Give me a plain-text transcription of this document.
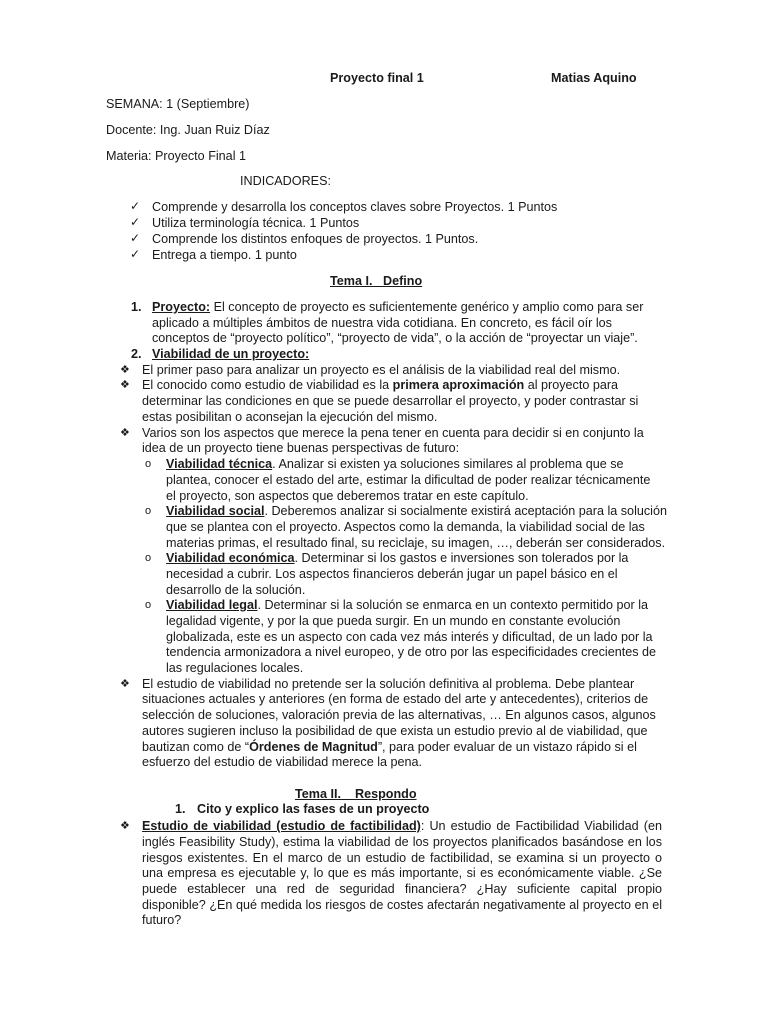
Proyecto final 1	Matias Aquino
SEMANA: 1 (Septiembre)
Docente: Ing. Juan Ruiz Díaz
Materia: Proyecto Final 1
INDICADORES:
✓ Comprende y desarrolla los conceptos claves sobre Proyectos. 1 Puntos
✓ Utiliza terminología técnica. 1 Puntos
✓ Comprende los distintos enfoques de proyectos. 1 Puntos.
✓ Entrega a tiempo. 1 punto
Tema I. Defino
1. Proyecto: El concepto de proyecto es suficientemente genérico y amplio como para ser
aplicado a múltiples ámbitos de nuestra vida cotidiana. En concreto, es fácil oír los
conceptos de “proyecto político”, “proyecto de vida”, o la acción de “proyectar un viaje”.
2. Viabilidad de un proyecto:
❖ El primer paso para analizar un proyecto es el análisis de la viabilidad real del mismo.
❖ El conocido como estudio de viabilidad es la primera aproximación al proyecto para
determinar las condiciones en que se puede desarrollar el proyecto, y poder contrastar si
estas posibilitan o aconsejan la ejecución del mismo.
❖ Varios son los aspectos que merece la pena tener en cuenta para decidir si en conjunto la
idea de un proyecto tiene buenas perspectivas de futuro:
o Viabilidad técnica. Analizar si existen ya soluciones similares al problema que se
plantea, conocer el estado del arte, estimar la dificultad de poder realizar técnicamente
el proyecto, son aspectos que deberemos tratar en este capítulo.
o Viabilidad social. Deberemos analizar si socialmente existirá aceptación para la solución
que se plantea con el proyecto. Aspectos como la demanda, la viabilidad social de las
materias primas, el resultado final, su reciclaje, su imagen, …, deberán ser considerados.
o Viabilidad económica. Determinar si los gastos e inversiones son tolerados por la
necesidad a cubrir. Los aspectos financieros deberán jugar un papel básico en el
desarrollo de la solución.
o Viabilidad legal. Determinar si la solución se enmarca en un contexto permitido por la
legalidad vigente, y por la que pueda surgir. En un mundo en constante evolución
globalizada, este es un aspecto con cada vez más interés y dificultad, de un lado por la
tendencia armonizadora a nivel europeo, y de otro por las especificidades crecientes de
las regulaciones locales.
❖ El estudio de viabilidad no pretende ser la solución definitiva al problema. Debe plantear
situaciones actuales y anteriores (en forma de estado del arte y antecedentes), criterios de
selección de soluciones, valoración previa de las alternativas, … En algunos casos, algunos
autores sugieren incluso la posibilidad de que exista un estudio previo al de viabilidad, que
bautizan como de “Órdenes de Magnitud”, para poder evaluar de un vistazo rápido si el
esfuerzo del estudio de viabilidad merece la pena.
Tema II. Respondo
1. Cito y explico las fases de un proyecto
❖ Estudio de viabilidad (estudio de factibilidad): Un estudio de Factibilidad Viabilidad (en
inglés Feasibility Study), estima la viabilidad de los proyectos planificados basándose en los
riesgos existentes. En el marco de un estudio de factibilidad, se examina si un proyecto o
una empresa es ejecutable y, lo que es más importante, si es económicamente viable. ¿Se
puede establecer una red de seguridad financiera? ¿Hay suficiente capital propio
disponible? ¿En qué medida los riesgos de costes afectarán negativamente al proyecto en el
futuro?
